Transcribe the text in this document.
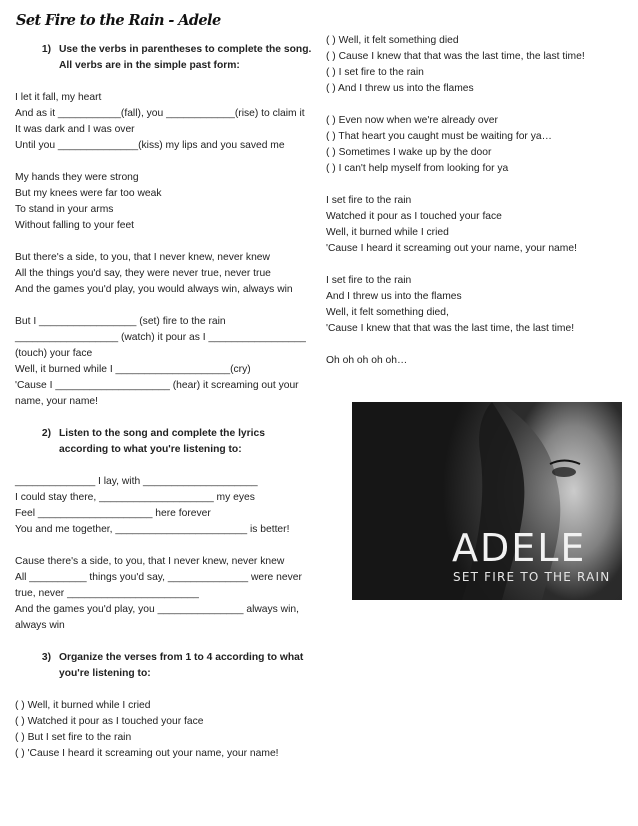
Set Fire to the Rain - Adele
1) Use the verbs in parentheses to complete the song. All verbs are in the simple past form:
I let it fall, my heart
And as it ___________(fall), you ____________(rise) to claim it
It was dark and I was over
Until you ______________(kiss) my lips and you saved me
My hands they were strong
But my knees were far too weak
To stand in your arms
Without falling to your feet
But there's a side, to you, that I never knew, never knew
All the things you'd say, they were never true, never true
And the games you'd play, you would always win, always win
But I _________________ (set) fire to the rain
__________________ (watch) it pour as I _________________ (touch) your face
Well, it burned while I ____________________(cry)
'Cause I ____________________ (hear) it screaming out your name, your name!
2) Listen to the song and complete the lyrics according to what you're listening to:
______________ I lay, with ____________________
I could stay there, ____________________ my eyes
Feel ____________________ here forever
You and me together, _______________________ is better!
Cause there's a side, to you, that I never knew, never knew
All __________ things you'd say, ______________ were never true, never _______________________
And the games you'd play, you _______________ always win, always win
3) Organize the verses from 1 to 4 according to what you're listening to:
( ) Well, it burned while I cried
( ) Watched it pour as I touched your face
( ) But I set fire to the rain
( ) 'Cause I heard it screaming out your name, your name!
( ) Well, it felt something died
( ) Cause I knew that that was the last time, the last time!
( ) I set fire to the rain
( ) And I threw us into the flames
( ) Even now when we're already over
( ) That heart you caught must be waiting for ya…
( ) Sometimes I wake up by the door
( ) I can't help myself from looking for ya
I set fire to the rain
Watched it pour as I touched your face
Well, it burned while I cried
'Cause I heard it screaming out your name, your name!
I set fire to the rain
And I threw us into the flames
Well, it felt something died,
'Cause I knew that that was the last time, the last time!
Oh oh oh oh oh…
ADELE
SET FIRE TO THE RAIN
